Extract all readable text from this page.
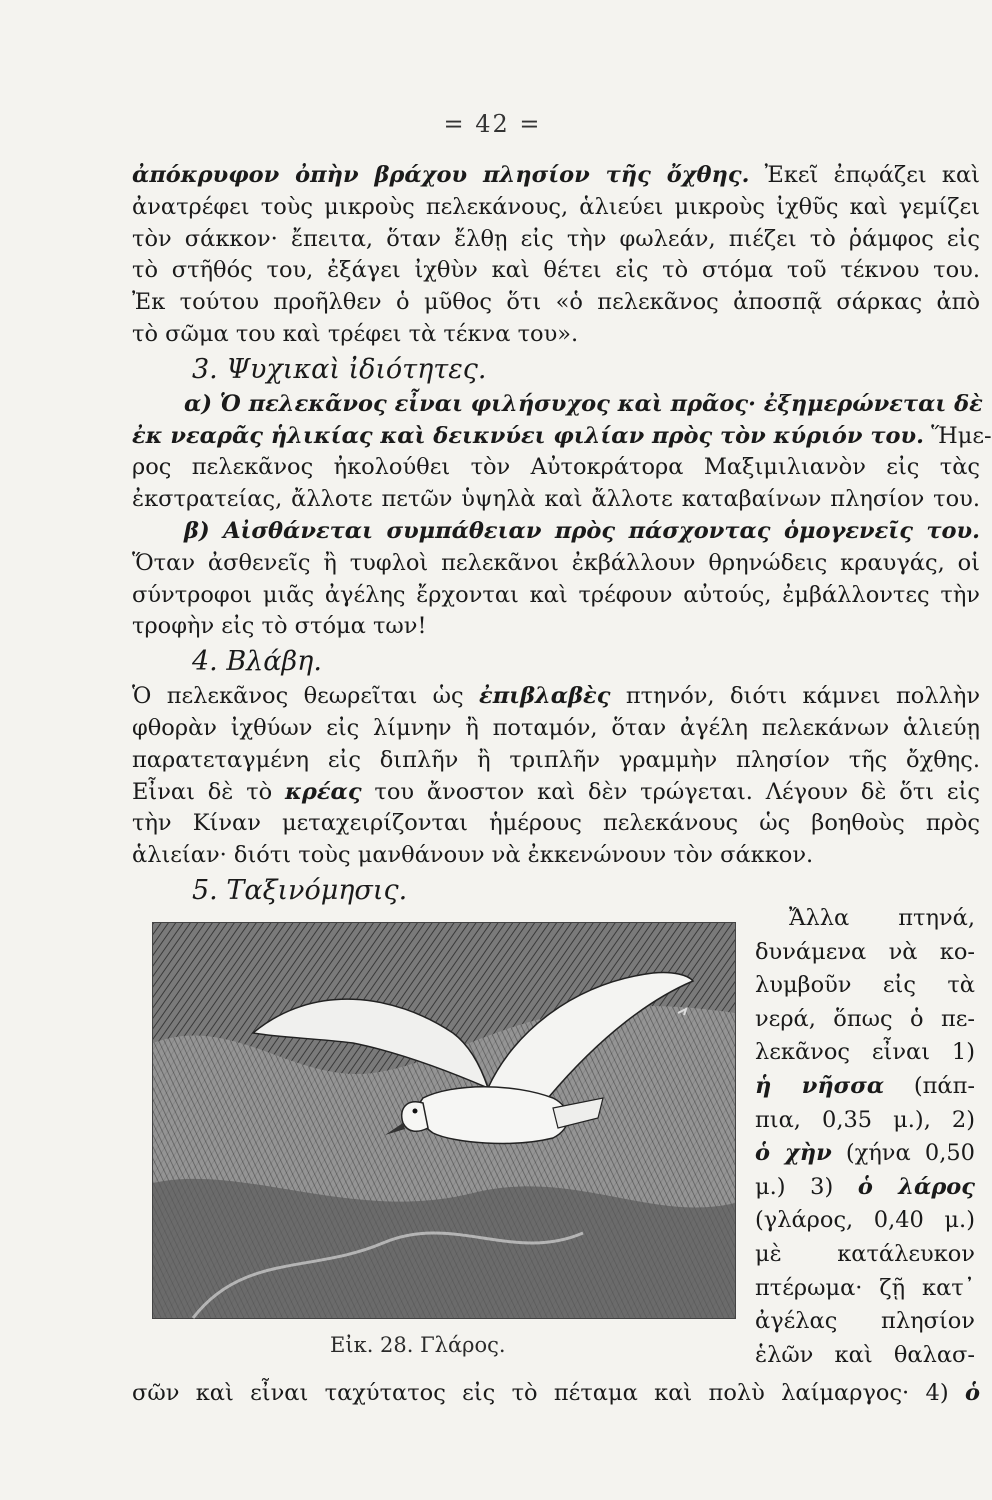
= 42 =
ἀπόκρυφον ὀπὴν βράχου πλησίον τῆς ὄχθης. Ἐκεῖ ἐπῳάζει καὶ
ἀνατρέφει τοὺς μικροὺς πελεκάνους, ἁλιεύει μικροὺς ἰχθῦς καὶ γεμίζει
τὸν σάκκον· ἔπειτα, ὅταν ἔλθῃ εἰς τὴν φωλεάν, πιέζει τὸ ῥάμφος εἰς
τὸ στῆθός του, ἐξάγει ἰχθὺν καὶ θέτει εἰς τὸ στόμα τοῦ τέκνου του.
Ἐκ τούτου προῆλθεν ὁ μῦθος ὅτι «ὁ πελεκᾶνος ἀποσπᾷ σάρκας ἀπὸ
τὸ σῶμα του καὶ τρέφει τὰ τέκνα του».
3. Ψυχικαὶ ἰδιότητες.
α) Ὁ πελεκᾶνος εἶναι φιλήσυχος καὶ πρᾶος· ἐξημερώνεται δὲ
ἐκ νεαρᾶς ἡλικίας καὶ δεικνύει φιλίαν πρὸς τὸν κύριόν του. Ἥμε-
ρος πελεκᾶνος ἠκολούθει τὸν Αὐτοκράτορα Μαξιμιλιανὸν εἰς τὰς
ἐκστρατείας, ἄλλοτε πετῶν ὑψηλὰ καὶ ἄλλοτε καταβαίνων πλησίον του.
β) Αἰσθάνεται συμπάθειαν πρὸς πάσχοντας ὁμογενεῖς του.
Ὅταν ἀσθενεῖς ἢ τυφλοὶ πελεκᾶνοι ἐκβάλλουν θρηνώδεις κραυγάς, οἱ
σύντροφοι μιᾶς ἀγέλης ἔρχονται καὶ τρέφουν αὐτούς, ἐμβάλλοντες τὴν
τροφὴν εἰς τὸ στόμα των!
4. Βλάβη.
Ὁ πελεκᾶνος θεωρεῖται ὡς ἐπιβλαβὲς πτηνόν, διότι κάμνει πολλὴν
φθορὰν ἰχθύων εἰς λίμνην ἢ ποταμόν, ὅταν ἀγέλη πελεκάνων ἁλιεύῃ
παρατεταγμένη εἰς διπλῆν ἢ τριπλῆν γραμμὴν πλησίον τῆς ὄχθης.
Εἶναι δὲ τὸ κρέας του ἄνοστον καὶ δὲν τρώγεται. Λέγουν δὲ ὅτι εἰς
τὴν Κίναν μεταχειρίζονται ἡμέρους πελεκάνους ὡς βοηθοὺς πρὸς
ἁλιείαν· διότι τοὺς μανθάνουν νὰ ἐκκενώνουν τὸν σάκκον.
5. Ταξινόμησις.
Εἰκ. 28. Γλάρος.
Ἄλλα πτηνά,
δυνάμενα νὰ κο-
λυμβοῦν εἰς τὰ
νερά, ὅπως ὁ πε-
λεκᾶνος εἶναι 1)
ἡ νῆσσα (πάπ-
πια, 0,35 μ.), 2)
ὁ χὴν (χήνα 0,50
μ.) 3) ὁ λάρος
(γλάρος, 0,40 μ.)
μὲ κατάλευκον
πτέρωμα· ζῇ κατ᾽
ἀγέλας πλησίον
ἑλῶν καὶ θαλασ-
σῶν καὶ εἶναι ταχύτατος εἰς τὸ πέταμα καὶ πολὺ λαίμαργος· 4) ὁ
